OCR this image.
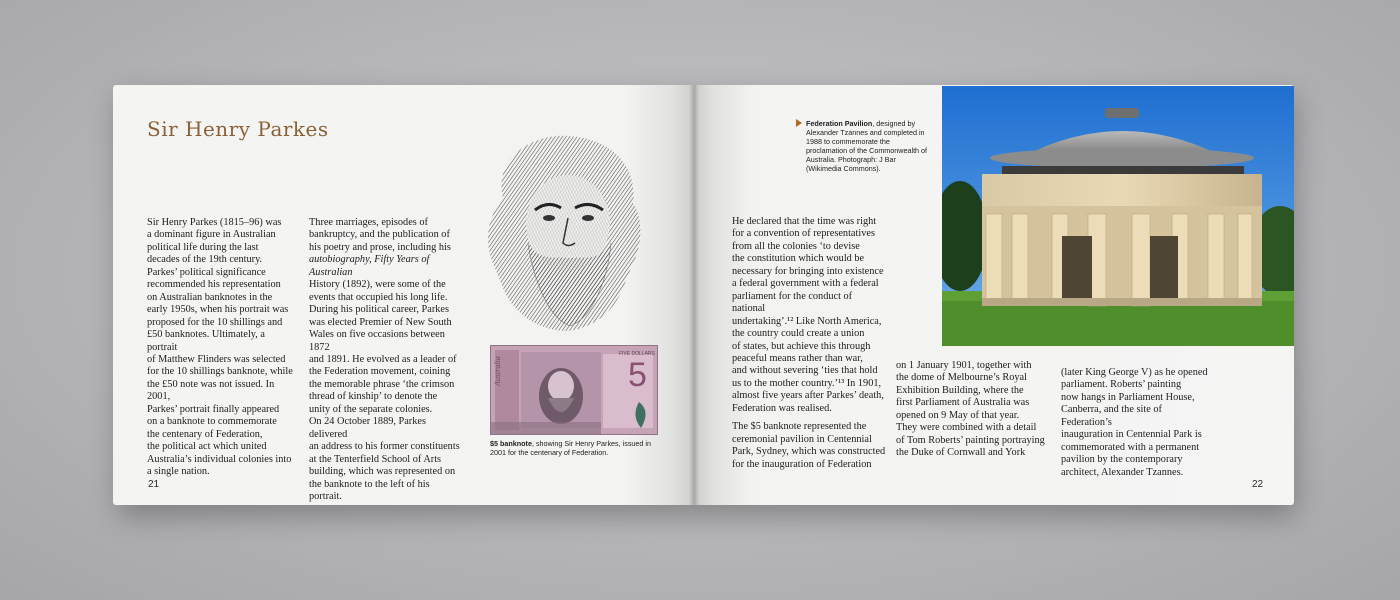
Sir Henry Parkes

Sir Henry Parkes (1815–96) was

a dominant figure in Australian

political life during the last

decades of the 19th century.

Parkes’ political significance

recommended his representation

on Australian banknotes in the

early 1950s, when his portrait was

proposed for the 10 shillings and

£50 banknotes. Ultimately, a portrait

of Matthew Flinders was selected

for the 10 shillings banknote, while

the £50 note was not issued. In 2001,

Parkes’ portrait finally appeared

on a banknote to commemorate

the centenary of Federation,

the political act which united

Australia’s individual colonies into

a single nation.

Three marriages, episodes of

bankruptcy, and the publication of

his poetry and prose, including his

autobiography, Fifty Years of Australian

History (1892), were some of the

events that occupied his long life.

During his political career, Parkes

was elected Premier of New South

Wales on five occasions between 1872

and 1891. He evolved as a leader of

the Federation movement, coining

the memorable phrase ‘the crimson

thread of kinship’ to denote the

unity of the separate colonies.

On 24 October 1889, Parkes delivered

an address to his former constituents

at the Tenterfield School of Arts

building, which was represented on

the banknote to the left of his portrait.

FIVE DOLLARS
5
Australia
$5 banknote, showing Sir Henry Parkes, issued in 2001 for the centenary of Federation.
21
Federation Pavilion, designed by Alexander Tzannes and completed in 1988 to commemorate the proclamation of the Commonwealth of Australia. Photograph: J Bar (Wikimedia Commons).

He declared that the time was right

for a convention of representatives

from all the colonies ‘to devise

the constitution which would be

necessary for bringing into existence

a federal government with a federal

parliament for the conduct of national

undertaking’.¹² Like North America,

the country could create a union

of states, but achieve this through

peaceful means rather than war,

and without severing ‘ties that hold

us to the mother country.’¹³ In 1901,

almost five years after Parkes’ death,

Federation was realised.

The $5 banknote represented the

ceremonial pavilion in Centennial

Park, Sydney, which was constructed

for the inauguration of Federation

on 1 January 1901, together with

the dome of Melbourne’s Royal

Exhibition Building, where the

first Parliament of Australia was

opened on 9 May of that year.

They were combined with a detail

of Tom Roberts’ painting portraying

the Duke of Cornwall and York

(later King George V) as he opened

parliament. Roberts’ painting

now hangs in Parliament House,

Canberra, and the site of Federation’s

inauguration in Centennial Park is

commemorated with a permanent

pavilion by the contemporary

architect, Alexander Tzannes.

22
